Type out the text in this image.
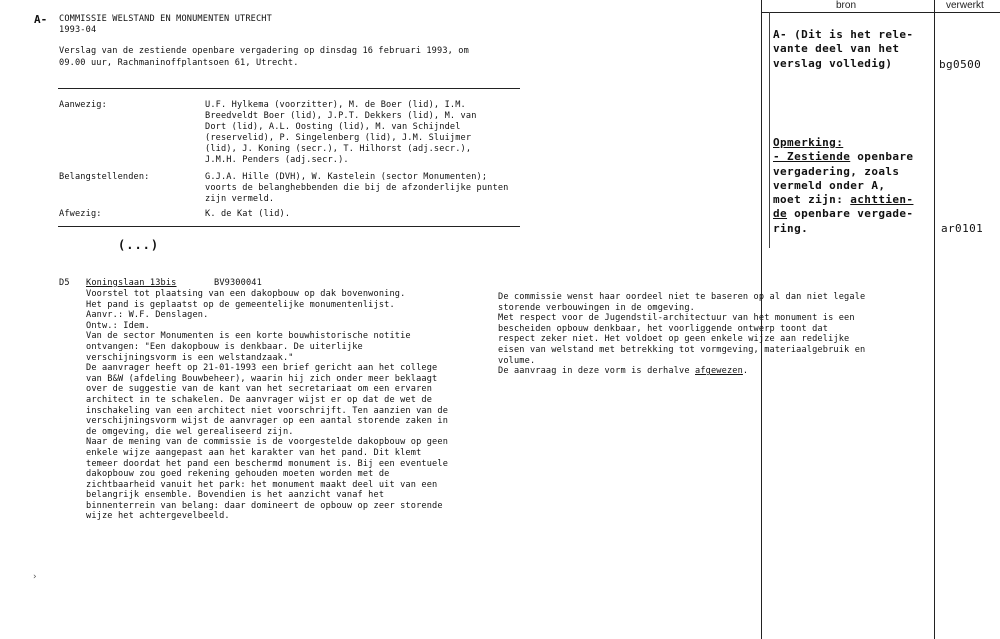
bron	verwerkt
A- COMMISSIE WELSTAND EN MONUMENTEN UTRECHT
1993-04
Verslag van de zestiende openbare vergadering op dinsdag 16 februari 1993, om
09.00 uur, Rachmaninoffplantsoen 61, Utrecht.
Aanwezig:	U.F. Hylkema (voorzitter), M. de Boer (lid), I.M.
Breedveldt Boer (lid), J.P.T. Dekkers (lid), M. van
Dort (lid), A.L. Oosting (lid), M. van Schijndel
(reservelid), P. Singelenberg (lid), J.M. Sluijmer
(lid), J. Koning (secr.), T. Hilhorst (adj.secr.),
J.M.H. Penders (adj.secr.).
Belangstellenden:	G.J.A. Hille (DVH), W. Kastelein (sector Monumenten);
voorts de belanghebbenden die bij de afzonderlijke punten
zijn vermeld.
Afwezig:	K. de Kat (lid).
(...)
D5 Koningslaan 13bis	BV9300041
Voorstel tot plaatsing van een dakopbouw op dak bovenwoning.
Het pand is geplaatst op de gemeentelijke monumentenlijst.
Aanvr.: W.F. Denslagen.
Ontw.: Idem.
Van de sector Monumenten is een korte bouwhistorische notitie
ontvangen: "Een dakopbouw is denkbaar. De uiterlijke
verschijningsvorm is een welstandzaak."
De aanvrager heeft op 21-01-1993 een brief gericht aan het college
van B&W (afdeling Bouwbeheer), waarin hij zich onder meer beklaagt
over de suggestie van de kant van het secretariaat om een ervaren
architect in te schakelen. De aanvrager wijst er op dat de wet de
inschakeling van een architect niet voorschrijft. Ten aanzien van de
verschijningsvorm wijst de aanvrager op een aantal storende zaken in
de omgeving, die wel gerealiseerd zijn.
Naar de mening van de commissie is de voorgestelde dakopbouw op geen
enkele wijze aangepast aan het karakter van het pand. Dit klemt
temeer doordat het pand een beschermd monument is. Bij een eventuele
dakopbouw zou goed rekening gehouden moeten worden met de
zichtbaarheid vanuit het park: het monument maakt deel uit van een
belangrijk ensemble. Bovendien is het aanzicht vanaf het
binnenterrein van belang: daar domineert de opbouw op zeer storende
wijze het achtergevelbeeld.
De commissie wenst haar oordeel niet te baseren op al dan niet legale
storende verbouwingen in de omgeving.
Met respect voor de Jugendstil-architectuur van het monument is een
bescheiden opbouw denkbaar, het voorliggende ontwerp toont dat
respect zeker niet. Het voldoet op geen enkele wijze aan redelijke
eisen van welstand met betrekking tot vormgeving, materiaalgebruik en
volume.
De aanvraag in deze vorm is derhalve afgewezen.
A- (Dit is het rele-
vante deel van het
verslag volledig)	bg0500
Opmerking:
- Zestiende openbare
vergadering, zoals
vermeld onder A,
moet zijn: achttien-
de openbare vergade-
ring.	ar0101
›
